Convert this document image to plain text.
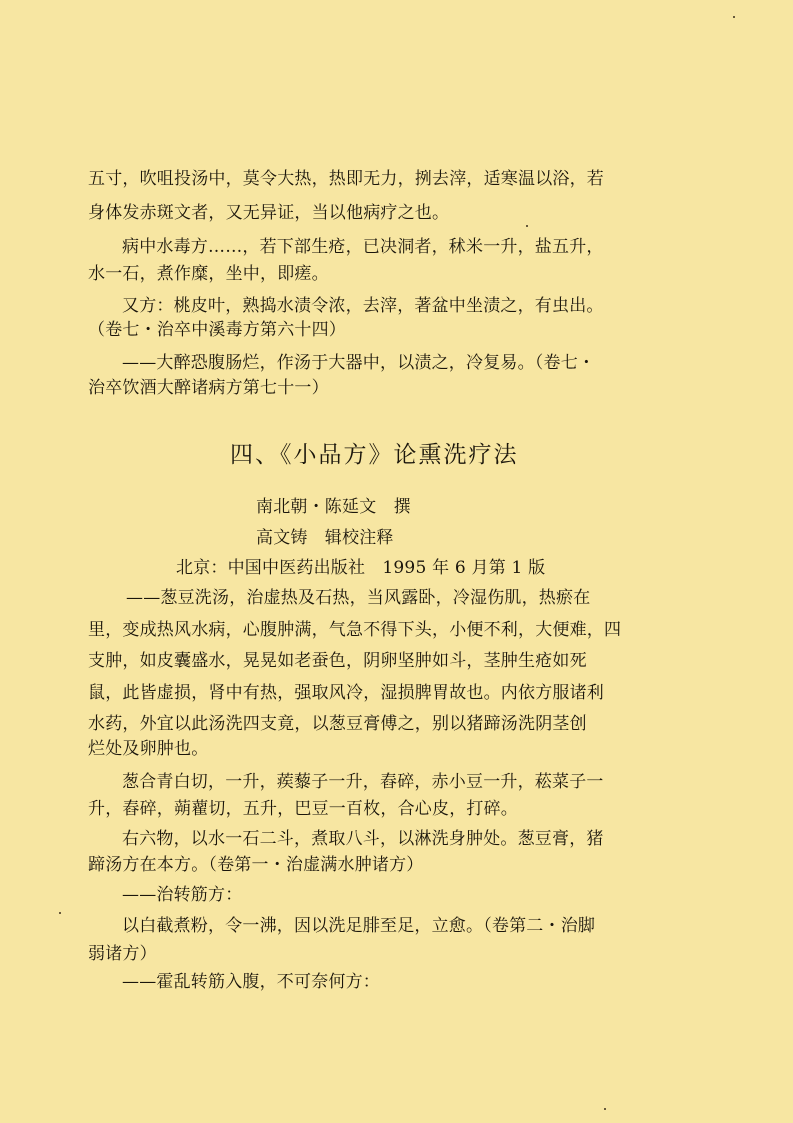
五寸，吹咀投汤中，莫令大热，热即无力，挒去滓，适寒温以浴，若
身体发赤斑文者，又无异证，当以他病疗之也。
病中水毒方……，若下部生疮，已决洞者，秫米一升，盐五升，
水一石，煮作糜，坐中，即瘥。
又方：桃皮叶，熟捣水渍令浓，去滓，著盆中坐渍之，有虫出。
（卷七・治卒中溪毒方第六十四）
——大醉恐腹肠烂，作汤于大器中，以渍之，冷复易。（卷七・
治卒饮酒大醉诸病方第七十一）
四、《小品方》论熏洗疗法
南北朝・陈延文　撰
高文铸　辑校注释
北京：中国中医药出版社　1995 年 6 月第 1 版
——葱豆洗汤，治虚热及石热，当风露卧，冷湿伤肌，热瘀在
里，变成热风水病，心腹肿满，气急不得下头，小便不利，大便难，四
支肿，如皮囊盛水，晃晃如老蚕色，阴卵坚肿如斗，茎肿生疮如死
鼠，此皆虚损，肾中有热，强取风冷，湿损脾胃故也。内依方服诸利
水药，外宜以此汤洗四支竟，以葱豆膏傅之，别以猪蹄汤洗阴茎创
烂处及卵肿也。
葱合青白切，一升，蒺藜子一升，舂碎，赤小豆一升，菘菜子一
升，舂碎，蒴藋切，五升，巴豆一百枚，合心皮，打碎。
右六物，以水一石二斗，煮取八斗，以淋洗身肿处。葱豆膏，猪
蹄汤方在本方。（卷第一・治虚满水肿诸方）
——治转筋方：
以白截煮粉，令一沸，因以洗足腓至足，立愈。（卷第二・治脚
弱诸方）
——霍乱转筋入腹，不可奈何方：
